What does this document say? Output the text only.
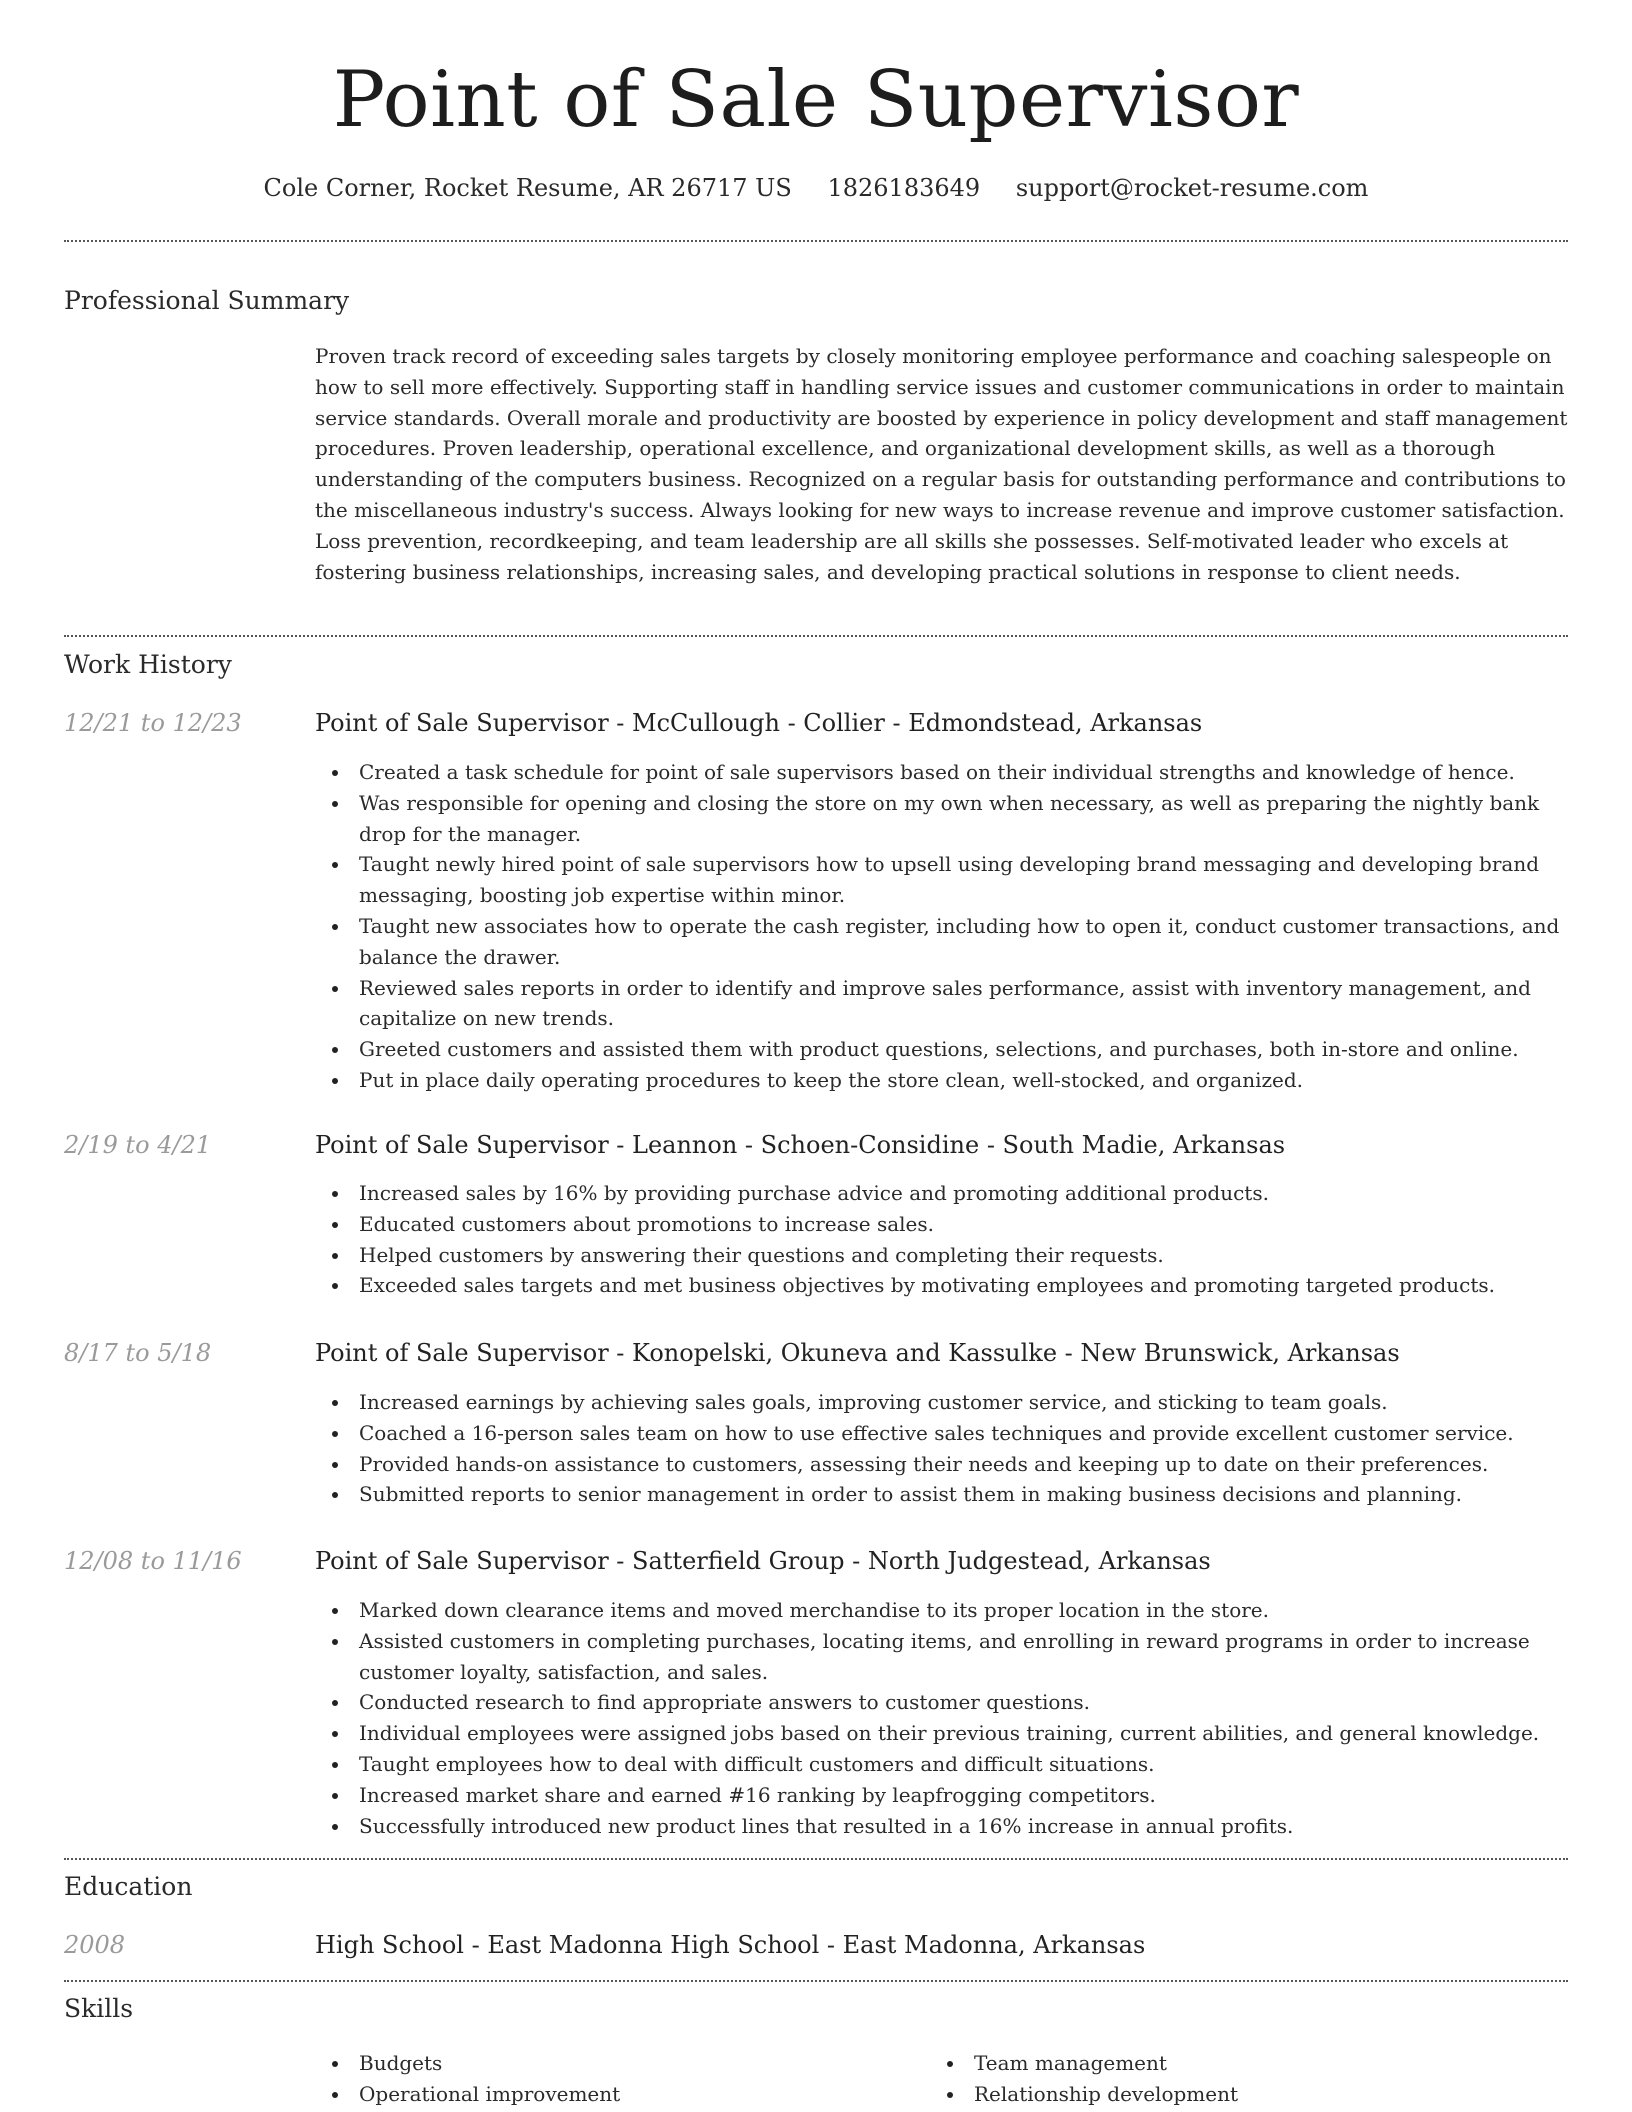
Point of Sale Supervisor
Cole Corner, Rocket Resume, AR 26717 US 1826183649 support@rocket-resume.com
Professional Summary

Proven track record of exceeding sales targets by closely monitoring employee performance and coaching salespeople on how to sell more effectively. Supporting staff in handling service issues and customer communications in order to maintain service standards. Overall morale and productivity are boosted by experience in policy development and staff management procedures. Proven leadership, operational excellence, and organizational development skills, as well as a thorough understanding of the computers business. Recognized on a regular basis for outstanding performance and contributions to the miscellaneous industry's success. Always looking for new ways to increase revenue and improve customer satisfaction. Loss prevention, recordkeeping, and team leadership are all skills she possesses. Self-motivated leader who excels at fostering business relationships, increasing sales, and developing practical solutions in response to client needs.

Work History
12/21 to 12/23	Point of Sale Supervisor - McCullough - Collier - Edmondstead, Arkansas
Created a task schedule for point of sale supervisors based on their individual strengths and knowledge of hence.
Was responsible for opening and closing the store on my own when necessary, as well as preparing the nightly bank drop for the manager.
Taught newly hired point of sale supervisors how to upsell using developing brand messaging and developing brand messaging, boosting job expertise within minor.
Taught new associates how to operate the cash register, including how to open it, conduct customer transactions, and balance the drawer.
Reviewed sales reports in order to identify and improve sales performance, assist with inventory management, and capitalize on new trends.
Greeted customers and assisted them with product questions, selections, and purchases, both in-store and online.
Put in place daily operating procedures to keep the store clean, well-stocked, and organized.
2/19 to 4/21	Point of Sale Supervisor - Leannon - Schoen-Considine - South Madie, Arkansas
Increased sales by 16% by providing purchase advice and promoting additional products.
Educated customers about promotions to increase sales.
Helped customers by answering their questions and completing their requests.
Exceeded sales targets and met business objectives by motivating employees and promoting targeted products.
8/17 to 5/18	Point of Sale Supervisor - Konopelski, Okuneva and Kassulke - New Brunswick, Arkansas
Increased earnings by achieving sales goals, improving customer service, and sticking to team goals.
Coached a 16-person sales team on how to use effective sales techniques and provide excellent customer service.
Provided hands-on assistance to customers, assessing their needs and keeping up to date on their preferences.
Submitted reports to senior management in order to assist them in making business decisions and planning.
12/08 to 11/16	Point of Sale Supervisor - Satterfield Group - North Judgestead, Arkansas
Marked down clearance items and moved merchandise to its proper location in the store.
Assisted customers in completing purchases, locating items, and enrolling in reward programs in order to increase customer loyalty, satisfaction, and sales.
Conducted research to find appropriate answers to customer questions.
Individual employees were assigned jobs based on their previous training, current abilities, and general knowledge.
Taught employees how to deal with difficult customers and difficult situations.
Increased market share and earned #16 ranking by leapfrogging competitors.
Successfully introduced new product lines that resulted in a 16% increase in annual profits.
Education
2008	High School - East Madonna High School - East Madonna, Arkansas
Skills
Budgets
Operational improvement
Team management
Relationship development
